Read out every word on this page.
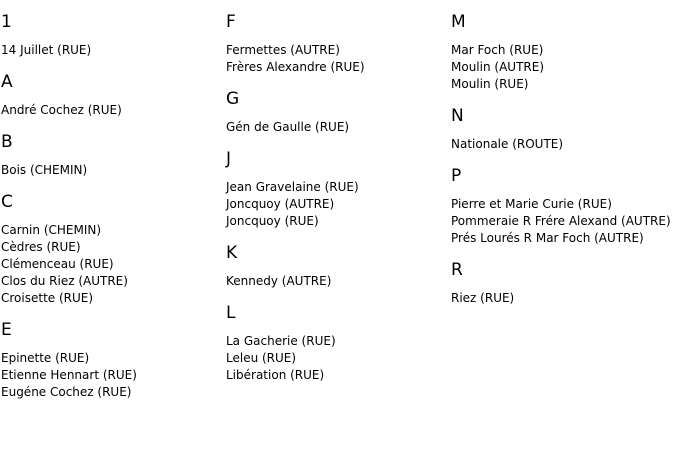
1
14 Juillet (RUE)
A
André Cochez (RUE)
B
Bois (CHEMIN)
C
Carnin (CHEMIN)
Cèdres (RUE)
Clémenceau (RUE)
Clos du Riez (AUTRE)
Croisette (RUE)
E
Epinette (RUE)
Etienne Hennart (RUE)
Eugéne Cochez (RUE)
F
Fermettes (AUTRE)
Frères Alexandre (RUE)
G
Gén de Gaulle (RUE)
J
Jean Gravelaine (RUE)
Joncquoy (AUTRE)
Joncquoy (RUE)
K
Kennedy (AUTRE)
L
La Gacherie (RUE)
Leleu (RUE)
Libération (RUE)
M
Mar Foch (RUE)
Moulin (AUTRE)
Moulin (RUE)
N
Nationale (ROUTE)
P
Pierre et Marie Curie (RUE)
Pommeraie R Frére Alexand (AUTRE)
Prés Lourés R Mar Foch (AUTRE)
R
Riez (RUE)
